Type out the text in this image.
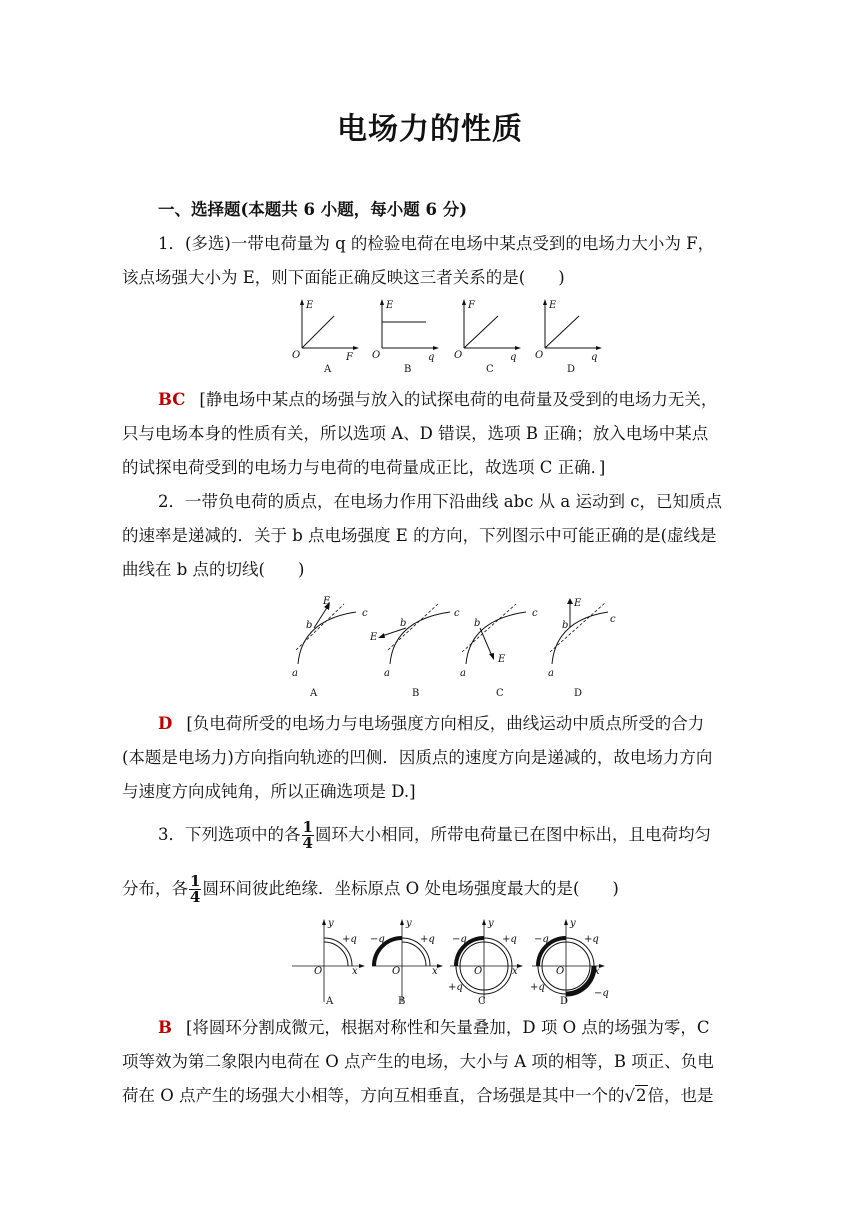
电场力的性质
一、选择题(本题共 6 小题，每小题 6 分)
1．(多选)一带电荷量为 q 的检验电荷在电场中某点受到的电场力大小为 F，
该点场强大小为 E，则下面能正确反映这三者关系的是(　　)
E
O	F
A
E
O	q
B
F
O	q
C
E
O	q
D
BC [静电场中某点的场强与放入的试探电荷的电荷量及受到的电场力无关，
只与电场本身的性质有关，所以选项 A、D 错误，选项 B 正确；放入电场中某点
的试探电荷受到的电场力与电荷的电荷量成正比，故选项 C 正确．]
2．一带负电荷的质点，在电场力作用下沿曲线 abc 从 a 运动到 c，已知质点
的速率是递减的．关于 b 点电场强度 E 的方向，下列图示中可能正确的是(虚线是
曲线在 b 点的切线(　　)
E
b
c
a
A
E
b
c
a
B
E
b
c
a
C
E
b
c
a
D
D [负电荷所受的电场力与电场强度方向相反，曲线运动中质点所受的合力
(本题是电场力)方向指向轨迹的凹侧．因质点的速度方向是递减的，故电场力方向
与速度方向成钝角，所以正确选项是 D.]
3．下列选项中的各 $\frac{1}{4}$ 圆环大小相同，所带电荷量已在图中标出，且电荷均匀
分布，各 $\frac{1}{4}$ 圆环间彼此绝缘．坐标原点 O 处电场强度最大的是(　　)
y
x
O
+q
A
y
x
O
−q	+q
B
y
x
O
−q	+q
+q
C
y
x
O
−q	+q
+q
−q
D
B [将圆环分割成微元，根据对称性和矢量叠加，D 项 O 点的场强为零，C
项等效为第二象限内电荷在 O 点产生的电场，大小与 A 项的相等，B 项正、负电
荷在 O 点产生的场强大小相等，方向互相垂直，合场强是其中一个的√2倍，也是
